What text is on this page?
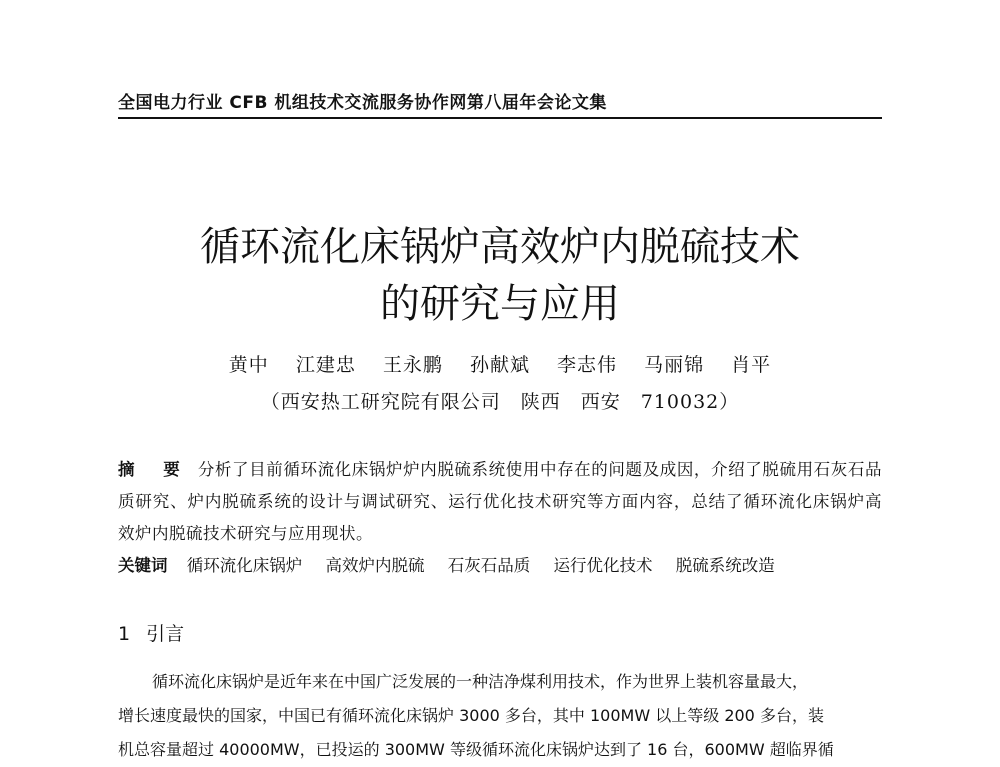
全国电力行业 CFB 机组技术交流服务协作网第八届年会论文集
循环流化床锅炉高效炉内脱硫技术
的研究与应用
黄中 江建忠 王永鹏 孙献斌 李志伟 马丽锦 肖平
（西安热工研究院有限公司　陕西　西安　710032）
摘　要 分析了目前循环流化床锅炉炉内脱硫系统使用中存在的问题及成因，介绍了脱硫用石灰石品质研究、炉内脱硫系统的设计与调试研究、运行优化技术研究等方面内容，总结了循环流化床锅炉高效炉内脱硫技术研究与应用现状。
关键词 循环流化床锅炉 高效炉内脱硫 石灰石品质 运行优化技术 脱硫系统改造
1 引言
循环流化床锅炉是近年来在中国广泛发展的一种洁净煤利用技术，作为世界上装机容量最大，
增长速度最快的国家，中国已有循环流化床锅炉 3000 多台，其中 100MW 以上等级 200 多台，装
机总容量超过 40000MW，已投运的 300MW 等级循环流化床锅炉达到了 16 台，600MW 超临界循
